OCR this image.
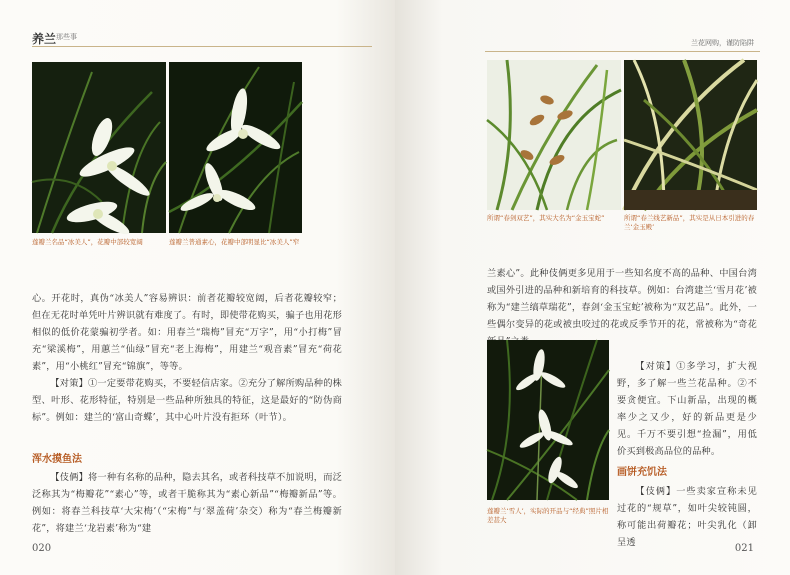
养兰 那些事
莲瓣兰名品“冰美人”，花瓣中部较宽阔	莲瓣兰普通素心，花瓣中部明显比“冰美人”窄

心。开花时，真伪“冰美人”容易辨识：前者花瓣较宽阔，后者花瓣较窄；但在无花时单凭叶片辨识就有难度了。有时，即使带花购买，骗子也用花形相似的低价花蒙骗初学者。如：用春兰“瑞梅”冒充“万字”，用“小打梅”冒充“梁溪梅”，用蕙兰“仙绿”冒充“老上海梅”，用建兰“观音素”冒充“荷花素”，用“小桃红”冒充“锦旗”，等等。

【对策】①一定要带花购买，不要轻信店家。②充分了解所购品种的株型、叶形、花形特征，特别是一些品种所独具的特征，这是最好的“防伪商标”。例如：建兰的‘富山奇蝶’，其中心叶片没有拒环（叶节）。

浑水摸鱼法

【伎俩】将一种有名称的品种，隐去其名，或者科技草不加说明，而泛泛称其为“梅瓣花”“素心”等，或者干脆称其为“素心新品”“梅瓣新品”等。例如：将春兰科技草‘大宋梅’（“宋梅”与‘翠盖荷’杂交）称为“春兰梅瓣新花”，将建兰‘龙岩素’称为“建

020
兰花网购，谨防陷阱
所谓“春剑双艺”，其实大名为“金玉宝蛇”	所谓“春兰线艺新品”，其实是从日本引进的春兰‘金玉殿’

兰素心”。此种伎俩更多见用于一些知名度不高的品种、中国台湾或国外引进的品种和新培育的科技草。例如：台湾建兰‘雪月花’被称为“建兰缟草瑞花”，春剑‘金玉宝蛇’被称为“双艺品”。此外，一些偶尔变异的花或被虫咬过的花或反季节开的花，常被称为“奇花

莲瓣兰‘雪人’，实际的开品与“经典”照片相差甚大

【对策】①多学习，扩大视野，多了解一些兰花品种。②不要贪便宜。下山新品，出现的概率少之又少，好的新品更是少见。千万不要引想“捡漏”，用低价买到极高品位的品种。

画饼充饥法

【伎俩】一些卖家宣称未见过花的“规草”，如叶尖较钝圆，称可能出荷瓣花；叶尖乳化（卸呈透

021
